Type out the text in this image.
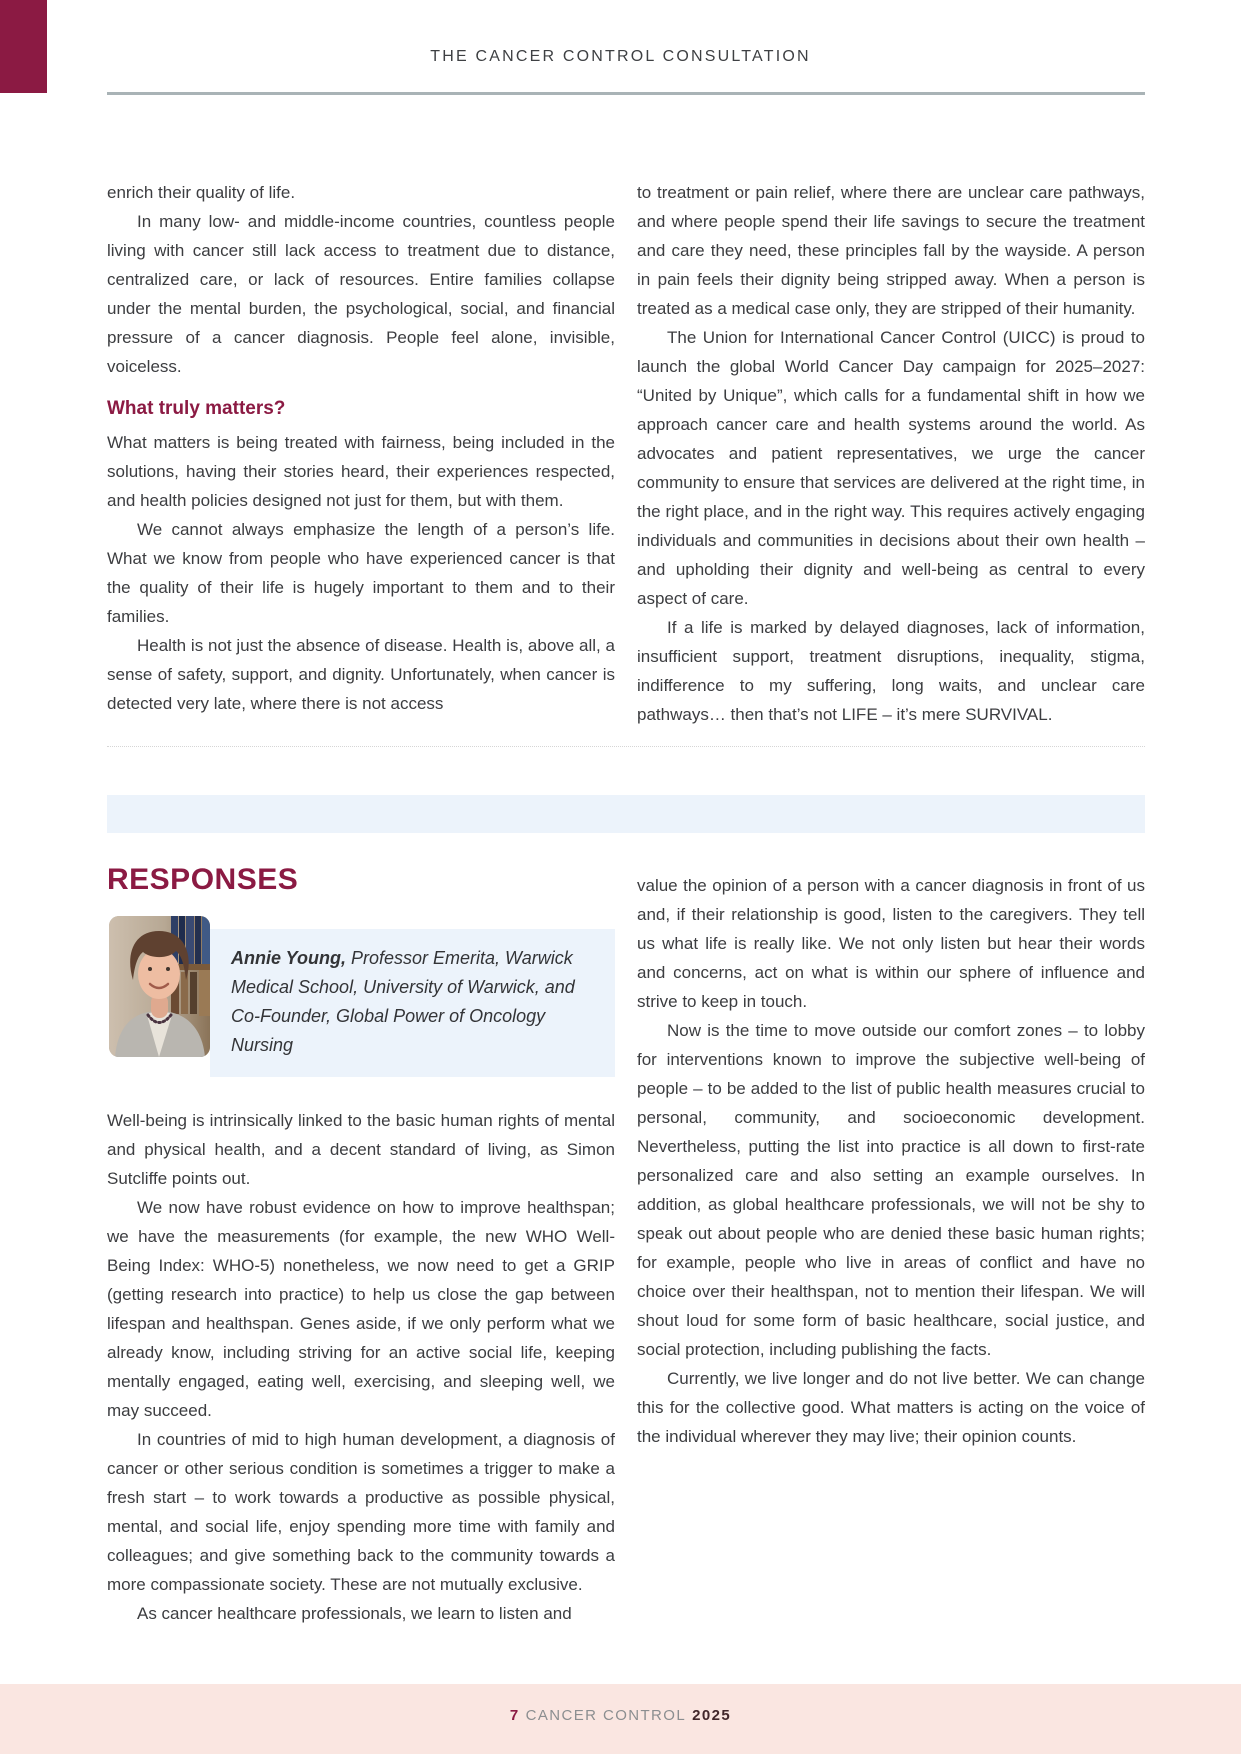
THE CANCER CONTROL CONSULTATION

enrich their quality of life.

In many low- and middle-income countries, countless people living with cancer still lack access to treatment due to distance, centralized care, or lack of resources. Entire families collapse under the mental burden, the psychological, social, and financial pressure of a cancer diagnosis. People feel alone, invisible, voiceless.

What truly matters?

What matters is being treated with fairness, being included in the solutions, having their stories heard, their experiences respected, and health policies designed not just for them, but with them.

We cannot always emphasize the length of a person’s life. What we know from people who have experienced cancer is that the quality of their life is hugely important to them and to their families.

Health is not just the absence of disease. Health is, above all, a sense of safety, support, and dignity. Unfortunately, when cancer is detected very late, where there is not access

to treatment or pain relief, where there are unclear care pathways, and where people spend their life savings to secure the treatment and care they need, these principles fall by the wayside. A person in pain feels their dignity being stripped away. When a person is treated as a medical case only, they are stripped of their humanity.

The Union for International Cancer Control (UICC) is proud to launch the global World Cancer Day campaign for 2025–2027: “United by Unique”, which calls for a fundamental shift in how we approach cancer care and health systems around the world. As advocates and patient representatives, we urge the cancer community to ensure that services are delivered at the right time, in the right place, and in the right way. This requires actively engaging individuals and communities in decisions about their own health – and upholding their dignity and well-being as central to every aspect of care.

If a life is marked by delayed diagnoses, lack of information, insufficient support, treatment disruptions, inequality, stigma, indifference to my suffering, long waits, and unclear care pathways… then that’s not LIFE – it’s mere SURVIVAL.

RESPONSES
Annie Young, Professor Emerita, Warwick Medical School, University of Warwick, and Co-Founder, Global Power of Oncology Nursing

Well-being is intrinsically linked to the basic human rights of mental and physical health, and a decent standard of living, as Simon Sutcliffe points out.

We now have robust evidence on how to improve healthspan; we have the measurements (for example, the new WHO Well-Being Index: WHO-5) nonetheless, we now need to get a GRIP (getting research into practice) to help us close the gap between lifespan and healthspan. Genes aside, if we only perform what we already know, including striving for an active social life, keeping mentally engaged, eating well, exercising, and sleeping well, we may succeed.

In countries of mid to high human development, a diagnosis of cancer or other serious condition is sometimes a trigger to make a fresh start – to work towards a productive as possible physical, mental, and social life, enjoy spending more time with family and colleagues; and give something back to the community towards a more compassionate society. These are not mutually exclusive.

As cancer healthcare professionals, we learn to listen and

value the opinion of a person with a cancer diagnosis in front of us and, if their relationship is good, listen to the caregivers. They tell us what life is really like. We not only listen but hear their words and concerns, act on what is within our sphere of influence and strive to keep in touch.

Now is the time to move outside our comfort zones – to lobby for interventions known to improve the subjective well-being of people – to be added to the list of public health measures crucial to personal, community, and socioeconomic development. Nevertheless, putting the list into practice is all down to first-rate personalized care and also setting an example ourselves. In addition, as global healthcare professionals, we will not be shy to speak out about people who are denied these basic human rights; for example, people who live in areas of conflict and have no choice over their healthspan, not to mention their lifespan. We will shout loud for some form of basic healthcare, social justice, and social protection, including publishing the facts.

Currently, we live longer and do not live better. We can change this for the collective good. What matters is acting on the voice of the individual wherever they may live; their opinion counts.

7 CANCER CONTROL 2025
